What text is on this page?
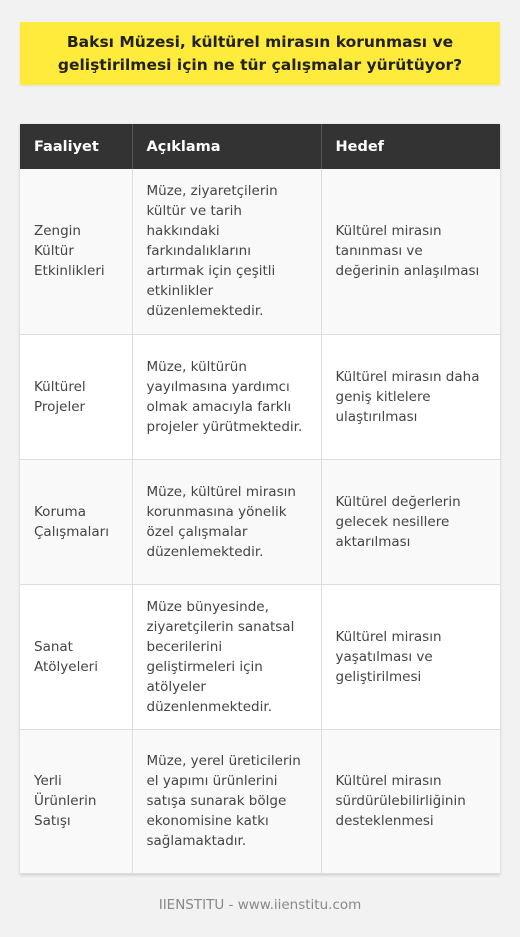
Baksı Müzesi, kültürel mirasın korunması ve geliştirilmesi için ne tür çalışmalar yürütüyor?
Faaliyet	Açıklama	Hedef
Zengin Kültür Etkinlikleri	Müze, ziyaretçilerin kültür ve tarih hakkındaki farkındalıklarını artırmak için çeşitli etkinlikler düzenlemektedir.	Kültürel mirasın tanınması ve değerinin anlaşılması
Kültürel Projeler	Müze, kültürün yayılmasına yardımcı olmak amacıyla farklı projeler yürütmektedir.	Kültürel mirasın daha geniş kitlelere ulaştırılması
Koruma Çalışmaları	Müze, kültürel mirasın korunmasına yönelik özel çalışmalar düzenlemektedir.	Kültürel değerlerin gelecek nesillere aktarılması
Sanat Atölyeleri	Müze bünyesinde, ziyaretçilerin sanatsal becerilerini geliştirmeleri için atölyeler düzenlenmektedir.	Kültürel mirasın yaşatılması ve geliştirilmesi
Yerli Ürünlerin Satışı	Müze, yerel üreticilerin el yapımı ürünlerini satışa sunarak bölge ekonomisine katkı sağlamaktadır.	Kültürel mirasın sürdürülebilirliğinin desteklenmesi
IIENSTITU - www.iienstitu.com
